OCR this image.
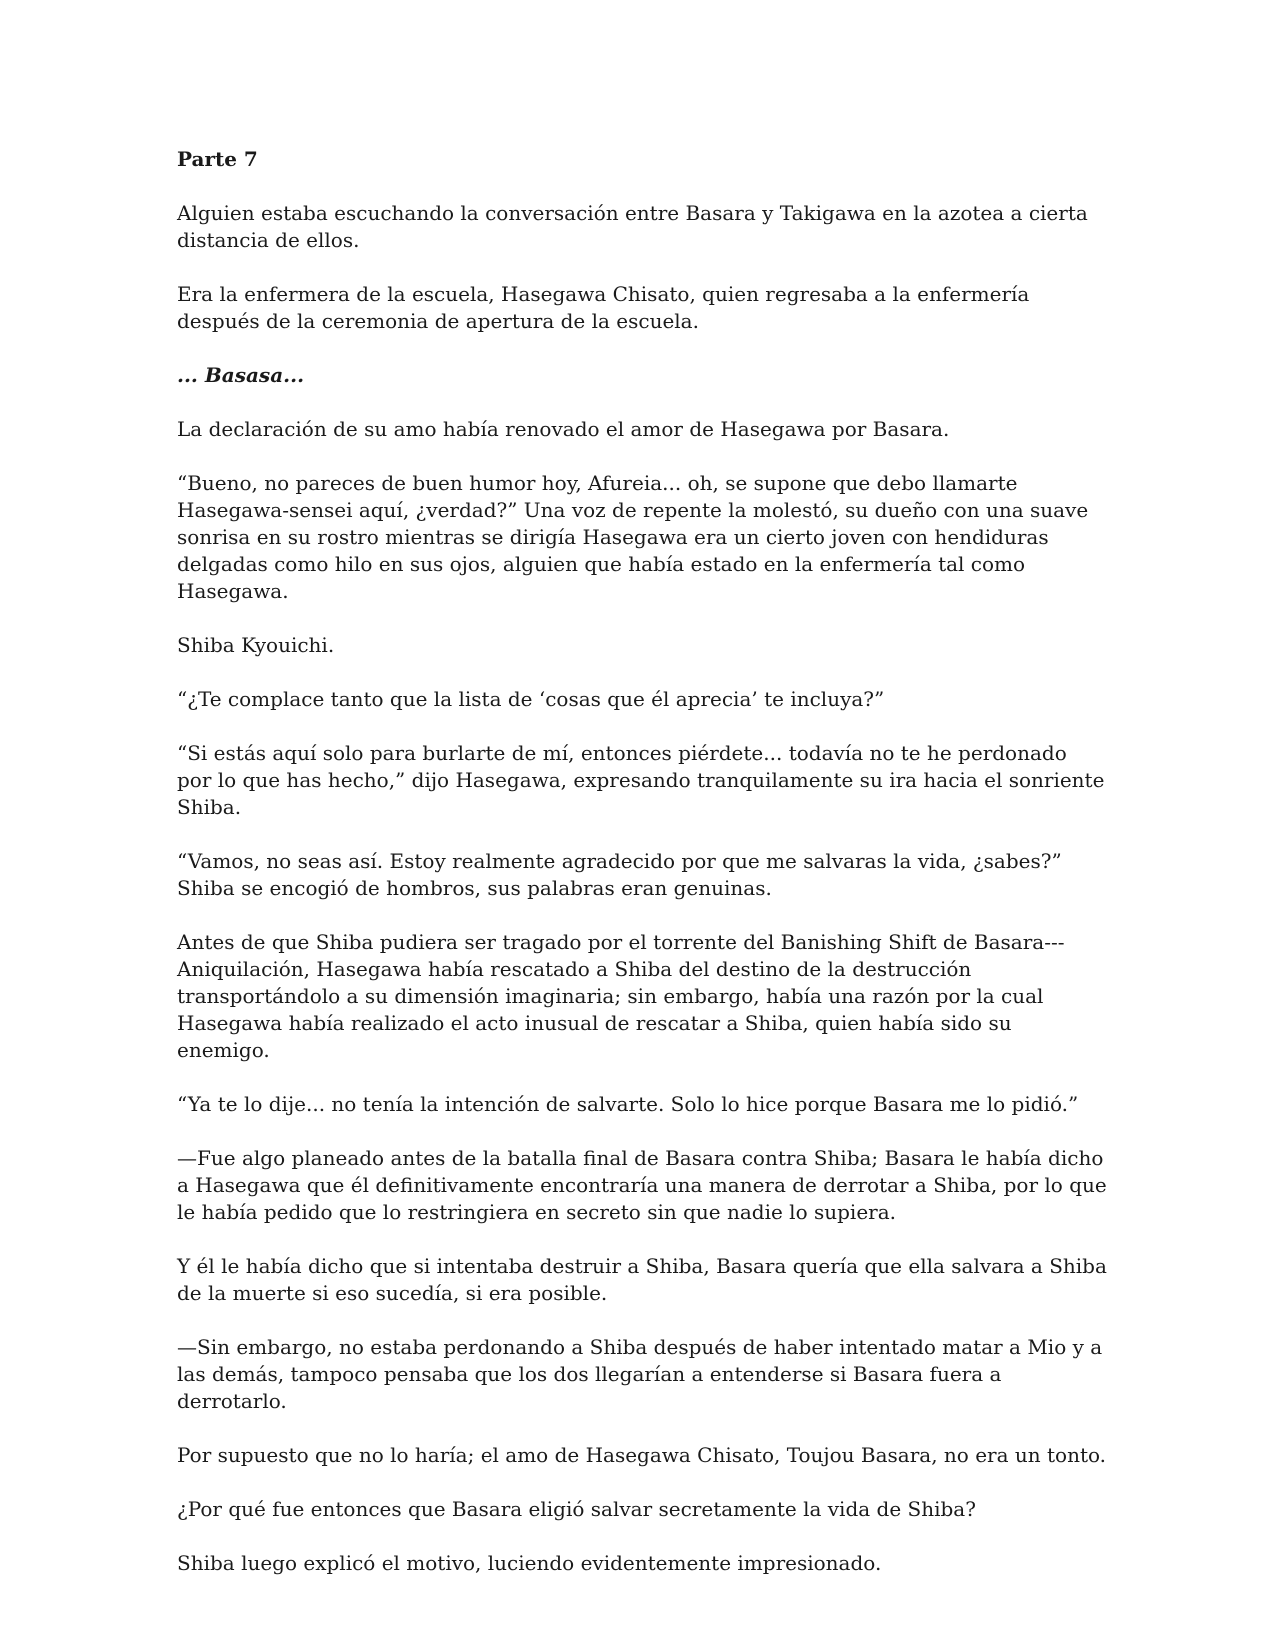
Parte 7

Alguien estaba escuchando la conversación entre Basara y Takigawa en la azotea a cierta distancia de ellos.

Era la enfermera de la escuela, Hasegawa Chisato, quien regresaba a la enfermería después de la ceremonia de apertura de la escuela.

... Basasa...

La declaración de su amo había renovado el amor de Hasegawa por Basara.

“Bueno, no pareces de buen humor hoy, Afureia... oh, se supone que debo llamarte Hasegawa-sensei aquí, ¿verdad?” Una voz de repente la molestó, su dueño con una suave sonrisa en su rostro mientras se dirigía Hasegawa era un cierto joven con hendiduras delgadas como hilo en sus ojos, alguien que había estado en la enfermería tal como Hasegawa.

Shiba Kyouichi.

“¿Te complace tanto que la lista de ‘cosas que él aprecia’ te incluya?”

“Si estás aquí solo para burlarte de mí, entonces piérdete... todavía no te he perdonado por lo que has hecho,” dijo Hasegawa, expresando tranquilamente su ira hacia el sonriente Shiba.

“Vamos, no seas así. Estoy realmente agradecido por que me salvaras la vida, ¿sabes?” Shiba se encogió de hombros, sus palabras eran genuinas.

Antes de que Shiba pudiera ser tragado por el torrente del Banishing Shift de Basara---Aniquilación, Hasegawa había rescatado a Shiba del destino de la destrucción transportándolo a su dimensión imaginaria; sin embargo, había una razón por la cual Hasegawa había realizado el acto inusual de rescatar a Shiba, quien había sido su enemigo.

“Ya te lo dije... no tenía la intención de salvarte. Solo lo hice porque Basara me lo pidió.”

—Fue algo planeado antes de la batalla final de Basara contra Shiba; Basara le había dicho a Hasegawa que él definitivamente encontraría una manera de derrotar a Shiba, por lo que le había pedido que lo restringiera en secreto sin que nadie lo supiera.

Y él le había dicho que si intentaba destruir a Shiba, Basara quería que ella salvara a Shiba de la muerte si eso sucedía, si era posible.

—Sin embargo, no estaba perdonando a Shiba después de haber intentado matar a Mio y a las demás, tampoco pensaba que los dos llegarían a entenderse si Basara fuera a derrotarlo.

Por supuesto que no lo haría; el amo de Hasegawa Chisato, Toujou Basara, no era un tonto.

¿Por qué fue entonces que Basara eligió salvar secretamente la vida de Shiba?

Shiba luego explicó el motivo, luciendo evidentemente impresionado.
